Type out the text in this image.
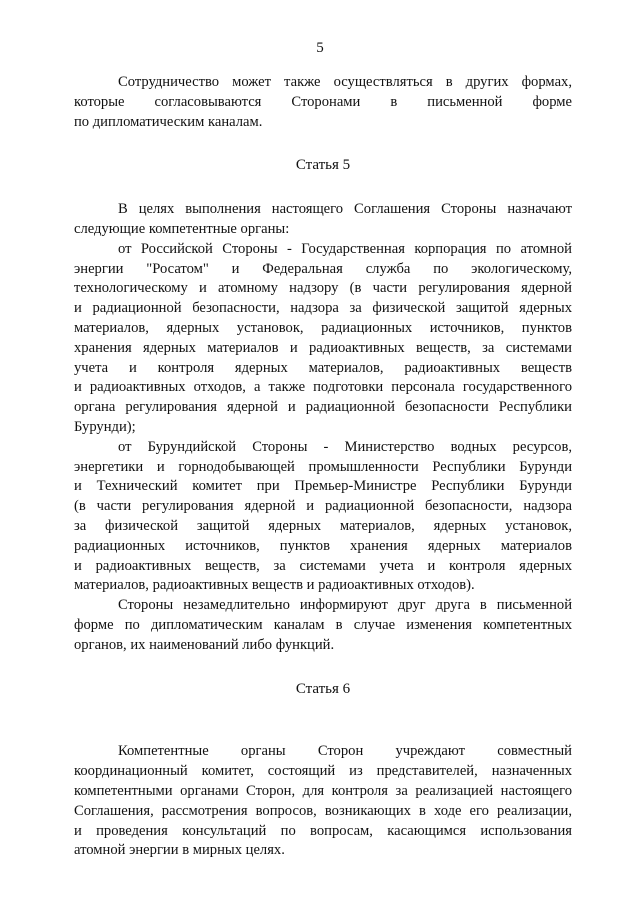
5
Сотрудничество может также осуществляться в других формах,
которые согласовываются Сторонами в письменной форме
по дипломатическим каналам.
Статья 5
В целях выполнения настоящего Соглашения Стороны назначают
следующие компетентные органы:
от Российской Стороны - Государственная корпорация по атомной
энергии "Росатом" и Федеральная служба по экологическому,
технологическому и атомному надзору (в части регулирования ядерной
и радиационной безопасности, надзора за физической защитой ядерных
материалов, ядерных установок, радиационных источников, пунктов
хранения ядерных материалов и радиоактивных веществ, за системами
учета и контроля ядерных материалов, радиоактивных веществ
и радиоактивных отходов, а также подготовки персонала государственного
органа регулирования ядерной и радиационной безопасности Республики
Бурунди);
от Бурундийской Стороны - Министерство водных ресурсов,
энергетики и горнодобывающей промышленности Республики Бурунди
и Технический комитет при Премьер-Министре Республики Бурунди
(в части регулирования ядерной и радиационной безопасности, надзора
за физической защитой ядерных материалов, ядерных установок,
радиационных источников, пунктов хранения ядерных материалов
и радиоактивных веществ, за системами учета и контроля ядерных
материалов, радиоактивных веществ и радиоактивных отходов).
Стороны незамедлительно информируют друг друга в письменной
форме по дипломатическим каналам в случае изменения компетентных
органов, их наименований либо функций.
Статья 6
Компетентные органы Сторон учреждают совместный
координационный комитет, состоящий из представителей, назначенных
компетентными органами Сторон, для контроля за реализацией настоящего
Соглашения, рассмотрения вопросов, возникающих в ходе его реализации,
и проведения консультаций по вопросам, касающимся использования
атомной энергии в мирных целях.
